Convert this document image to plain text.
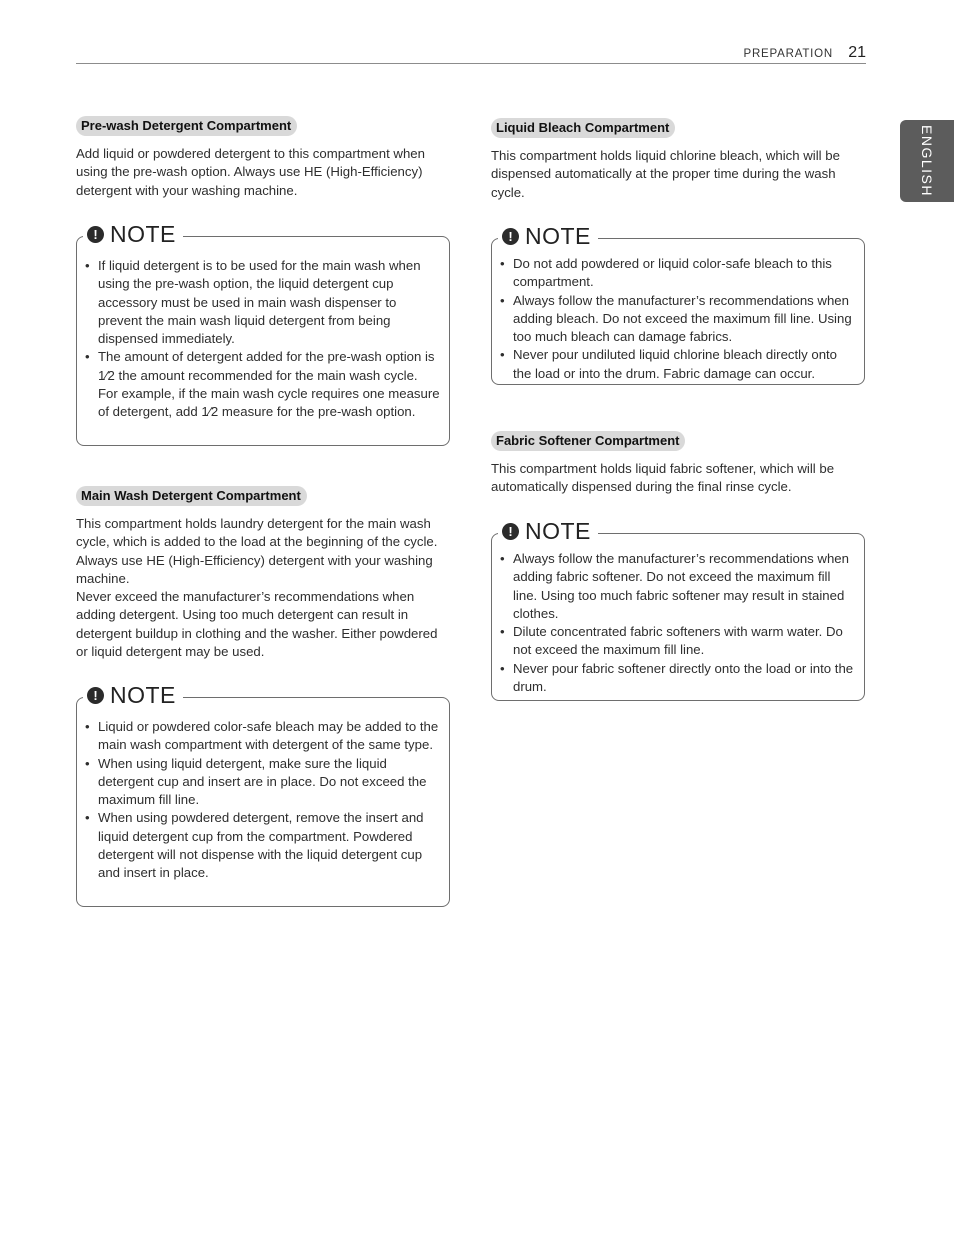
PREPARATION 21
ENGLISH
Pre-wash Detergent Compartment

Add liquid or powdered detergent to this compartment when using the pre-wash option. Always use HE (High-Efficiency) detergent with your washing machine.

! NOTE
• If liquid detergent is to be used for the main wash when using the pre-wash option, the liquid detergent cup accessory must be used in main wash dispenser to prevent the main wash liquid detergent from being dispensed immediately.
• The amount of detergent added for the pre-wash option is 1⁄2 the amount recommended for the main wash cycle. For example, if the main wash cycle requires one measure of detergent, add 1⁄2 measure for the pre-wash option.
Main Wash Detergent Compartment

This compartment holds laundry detergent for the main wash cycle, which is added to the load at the beginning of the cycle. Always use HE (High-Efficiency) detergent with your washing machine.

Never exceed the manufacturer’s recommendations when adding detergent. Using too much detergent can result in detergent buildup in clothing and the washer. Either powdered or liquid detergent may be used.

! NOTE
• Liquid or powdered color-safe bleach may be added to the main wash compartment with detergent of the same type.
• When using liquid detergent, make sure the liquid detergent cup and insert are in place. Do not exceed the maximum fill line.
• When using powdered detergent, remove the insert and liquid detergent cup from the compartment. Powdered detergent will not dispense with the liquid detergent cup and insert in place.
Liquid Bleach Compartment

This compartment holds liquid chlorine bleach, which will be dispensed automatically at the proper time during the wash cycle.

! NOTE
• Do not add powdered or liquid color-safe bleach to this compartment.
• Always follow the manufacturer’s recommendations when adding bleach. Do not exceed the maximum fill line. Using too much bleach can damage fabrics.
• Never pour undiluted liquid chlorine bleach directly onto the load or into the drum. Fabric damage can occur.
Fabric Softener Compartment

This compartment holds liquid fabric softener, which will be automatically dispensed during the final rinse cycle.

! NOTE
• Always follow the manufacturer’s recommendations when adding fabric softener. Do not exceed the maximum fill line. Using too much fabric softener may result in stained clothes.
• Dilute concentrated fabric softeners with warm water. Do not exceed the maximum fill line.
• Never pour fabric softener directly onto the load or into the drum.
